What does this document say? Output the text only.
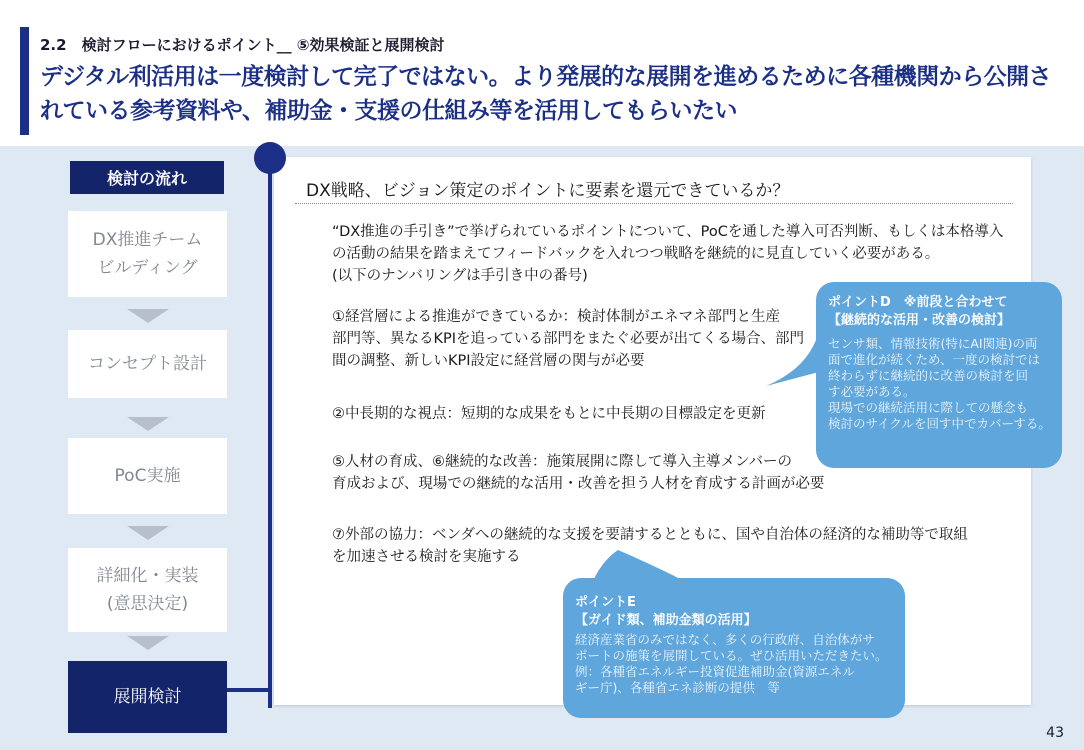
2.2　検討フローにおけるポイント__ ⑤効果検証と展開検討
デジタル利活用は一度検討して完了ではない。より発展的な展開を進めるために各種機関から公開されている参考資料や、補助金・支援の仕組み等を活用してもらいたい
検討の流れ
DX推進チーム ビルディング
コンセプト設計
PoC実施
詳細化・実装 (意思決定)
展開検討
DX戦略、ビジョン策定のポイントに要素を還元できているか？
“DX推進の手引き”で挙げられているポイントについて、PoCを通した導入可否判断、もしくは本格導入
の活動の結果を踏まえてフィードバックを入れつつ戦略を継続的に見直していく必要がある。
(以下のナンバリングは手引き中の番号)
①経営層による推進ができているか：検討体制がエネマネ部門と生産
部門等、異なるKPIを追っている部門をまたぐ必要が出てくる場合、部門
間の調整、新しいKPI設定に経営層の関与が必要
②中長期的な視点：短期的な成果をもとに中長期の目標設定を更新
⑤人材の育成、⑥継続的な改善：施策展開に際して導入主導メンバーの
育成および、現場での継続的な活用・改善を担う人材を育成する計画が必要
⑦外部の協力：ベンダへの継続的な支援を要請するとともに、国や自治体の経済的な補助等で取組
を加速させる検討を実施する
ポイントD　※前段と合わせて
【継続的な活用・改善の検討】
センサ類、情報技術(特にAI関連)の両
面で進化が続くため、一度の検討では
終わらずに継続的に改善の検討を回
す必要がある。
現場での継続活用に際しての懸念も
検討のサイクルを回す中でカバーする。
ポイントE
【ガイド類、補助金類の活用】
経済産業省のみではなく、多くの行政府、自治体がサ
ポートの施策を展開している。ぜひ活用いただきたい。
例：各種省エネルギー投資促進補助金(資源エネル
ギー庁)、各種省エネ診断の提供　等
43
